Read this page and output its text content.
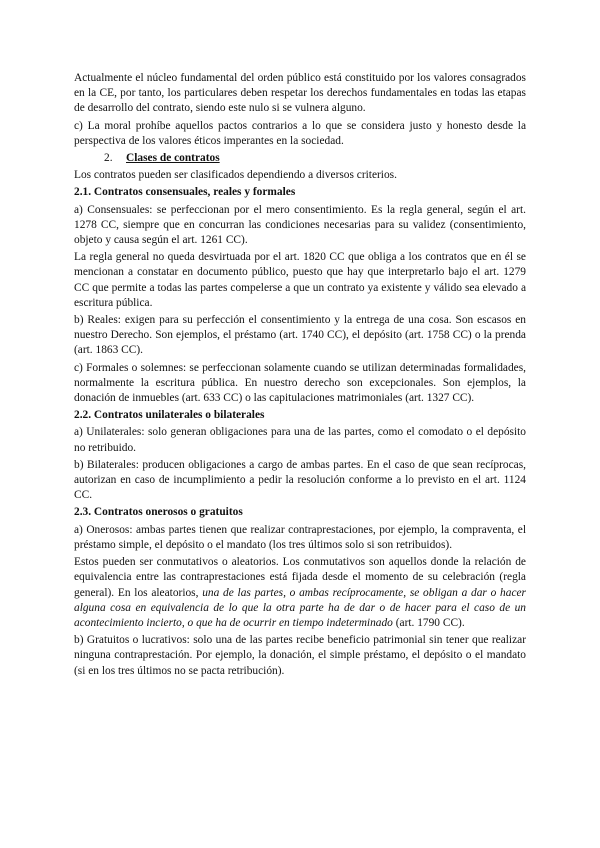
Actualmente el núcleo fundamental del orden público está constituido por los valores consagrados en la CE, por tanto, los particulares deben respetar los derechos fundamentales en todas las etapas de desarrollo del contrato, siendo este nulo si se vulnera alguno.

c) La moral prohíbe aquellos pactos contrarios a lo que se considera justo y honesto desde la perspectiva de los valores éticos imperantes en la sociedad.

2. Clases de contratos

Los contratos pueden ser clasificados dependiendo a diversos criterios.

2.1. Contratos consensuales, reales y formales

a) Consensuales: se perfeccionan por el mero consentimiento. Es la regla general, según el art. 1278 CC, siempre que en concurran las condiciones necesarias para su validez (consentimiento, objeto y causa según el art. 1261 CC).

La regla general no queda desvirtuada por el art. 1820 CC que obliga a los contratos que en él se mencionan a constatar en documento público, puesto que hay que interpretarlo bajo el art. 1279 CC que permite a todas las partes compelerse a que un contrato ya existente y válido sea elevado a escritura pública.

b) Reales: exigen para su perfección el consentimiento y la entrega de una cosa. Son escasos en nuestro Derecho. Son ejemplos, el préstamo (art. 1740 CC), el depósito (art. 1758 CC) o la prenda (art. 1863 CC).

c) Formales o solemnes: se perfeccionan solamente cuando se utilizan determinadas formalidades, normalmente la escritura pública. En nuestro derecho son excepcionales. Son ejemplos, la donación de inmuebles (art. 633 CC) o las capitulaciones matrimoniales (art. 1327 CC).

2.2. Contratos unilaterales o bilaterales

a) Unilaterales: solo generan obligaciones para una de las partes, como el comodato o el depósito no retribuido.

b) Bilaterales: producen obligaciones a cargo de ambas partes. En el caso de que sean recíprocas, autorizan en caso de incumplimiento a pedir la resolución conforme a lo previsto en el art. 1124 CC.

2.3. Contratos onerosos o gratuitos

a) Onerosos: ambas partes tienen que realizar contraprestaciones, por ejemplo, la compraventa, el préstamo simple, el depósito o el mandato (los tres últimos solo si son retribuidos).

Estos pueden ser conmutativos o aleatorios. Los conmutativos son aquellos donde la relación de equivalencia entre las contraprestaciones está fijada desde el momento de su celebración (regla general). En los aleatorios, una de las partes, o ambas recíprocamente, se obligan a dar o hacer alguna cosa en equivalencia de lo que la otra parte ha de dar o de hacer para el caso de un acontecimiento incierto, o que ha de ocurrir en tiempo indeterminado (art. 1790 CC).

b) Gratuitos o lucrativos: solo una de las partes recibe beneficio patrimonial sin tener que realizar ninguna contraprestación. Por ejemplo, la donación, el simple préstamo, el depósito o el mandato (si en los tres últimos no se pacta retribución).
